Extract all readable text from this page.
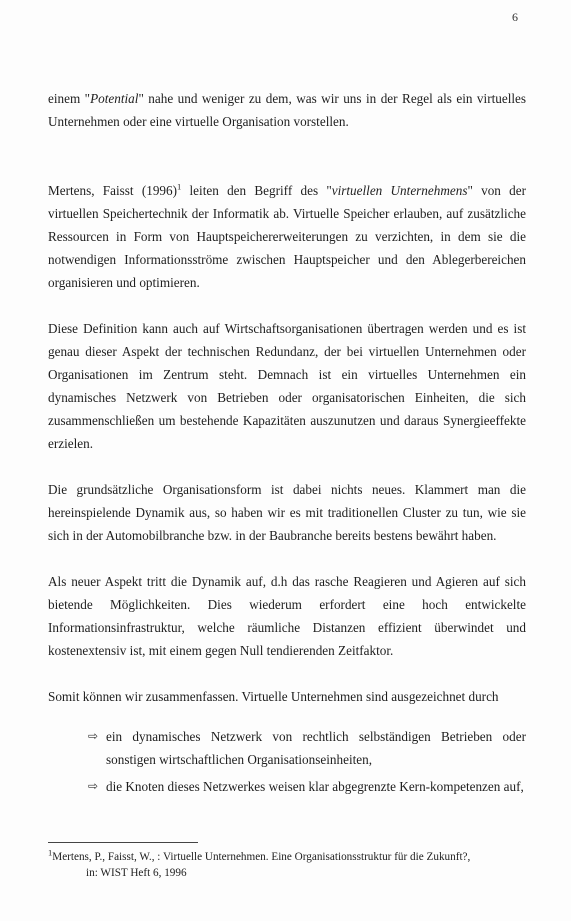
6

einem "Potential" nahe und weniger zu dem, was wir uns in der Regel als ein virtuelles Unternehmen oder eine virtuelle Organisation vorstellen.

Mertens, Faisst $(1996)^1$ leiten den Begriff des "virtuellen Unternehmens" von der virtuellen Speichertechnik der Informatik ab. Virtuelle Speicher erlauben, auf zusätzliche Ressourcen in Form von Hauptspeichererweiterungen zu verzichten, in dem sie die notwendigen Informationsströme zwischen Hauptspeicher und den Ablegerbereichen organisieren und optimieren.

Diese Definition kann auch auf Wirtschaftsorganisationen übertragen werden und es ist genau dieser Aspekt der technischen Redundanz, der bei virtuellen Unternehmen oder Organisationen im Zentrum steht. Demnach ist ein virtuelles Unternehmen ein dynamisches Netzwerk von Betrieben oder organisatorischen Einheiten, die sich zusammenschließen um bestehende Kapazitäten auszunutzen und daraus Synergieeffekte erzielen.

Die grundsätzliche Organisationsform ist dabei nichts neues. Klammert man die hereinspielende Dynamik aus, so haben wir es mit traditionellen Cluster zu tun, wie sie sich in der Automobilbranche bzw. in der Baubranche bereits bestens bewährt haben.

Als neuer Aspekt tritt die Dynamik auf, d.h das rasche Reagieren und Agieren auf sich bietende Möglichkeiten. Dies wiederum erfordert eine hoch entwickelte Informationsinfrastruktur, welche räumliche Distanzen effizient überwindet und kostenextensiv ist, mit einem gegen Null tendierenden Zeitfaktor.

Somit können wir zusammenfassen. Virtuelle Unternehmen sind ausgezeichnet durch

⇨ ein dynamisches Netzwerk von rechtlich selbständigen Betrieben oder sonstigen wirtschaftlichen Organisationseinheiten,
⇨ die Knoten dieses Netzwerkes weisen klar abgegrenzte Kern-kompetenzen auf,
$^1$Mertens, P., Faisst, W., : Virtuelle Unternehmen. Eine Organisationsstruktur für die Zukunft?,
in: WIST Heft 6, 1996
